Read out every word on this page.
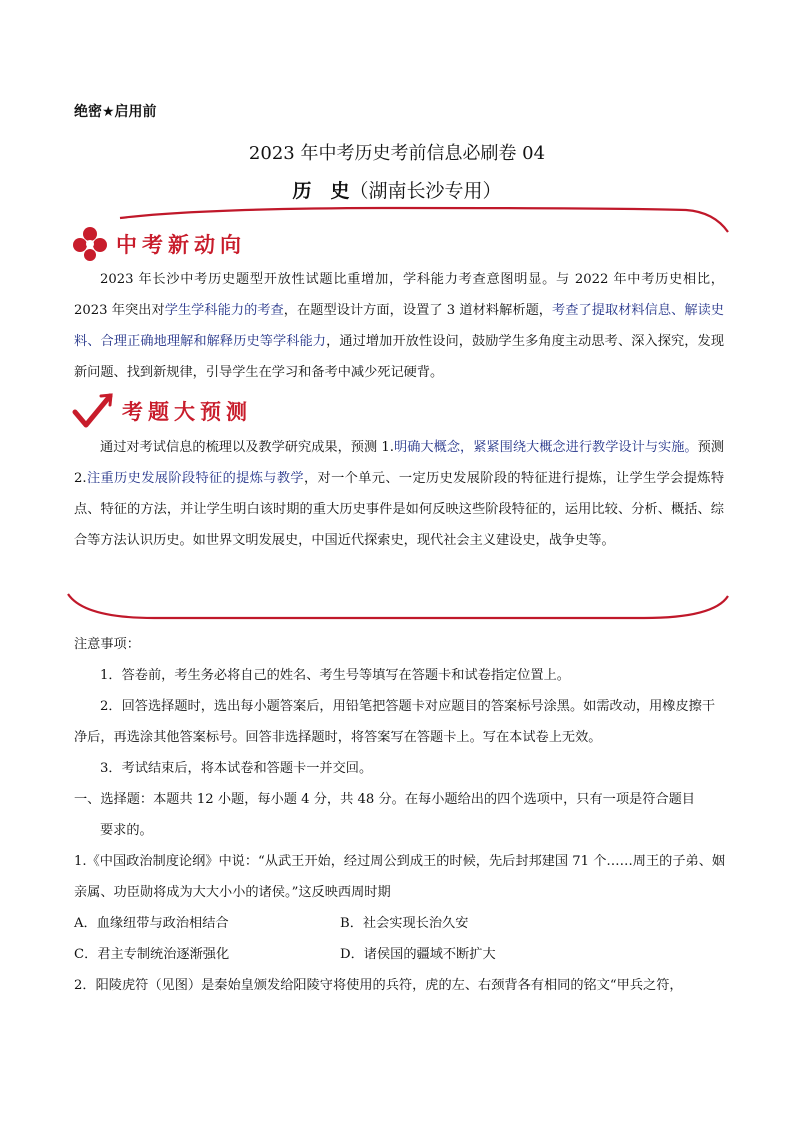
绝密★启用前
2023 年中考历史考前信息必刷卷 04
历　史（湖南长沙专用）
中考新动向

2023 年长沙中考历史题型开放性试题比重增加，学科能力考查意图明显。与 2022 年中考历史相比，2023 年突出对学生学科能力的考查，在题型设计方面，设置了 3 道材料解析题，考查了提取材料信息、解读史料、合理正确地理解和解释历史等学科能力，通过增加开放性设问，鼓励学生多角度主动思考、深入探究，发现新问题、找到新规律，引导学生在学习和备考中减少死记硬背。

考题大预测

通过对考试信息的梳理以及教学研究成果，预测 1.明确大概念，紧紧围绕大概念进行教学设计与实施。预测 2.注重历史发展阶段特征的提炼与教学，对一个单元、一定历史发展阶段的特征进行提炼，让学生学会提炼特点、特征的方法，并让学生明白该时期的重大历史事件是如何反映这些阶段特征的，运用比较、分析、概括、综合等方法认识历史。如世界文明发展史，中国近代探索史，现代社会主义建设史，战争史等。

注意事项：

1．答卷前，考生务必将自己的姓名、考生号等填写在答题卡和试卷指定位置上。

2．回答选择题时，选出每小题答案后，用铅笔把答题卡对应题目的答案标号涂黑。如需改动，用橡皮擦干净后，再选涂其他答案标号。回答非选择题时，将答案写在答题卡上。写在本试卷上无效。

3．考试结束后，将本试卷和答题卡一并交回。

一、选择题：本题共 12 小题，每小题 4 分，共 48 分。在每小题给出的四个选项中，只有一项是符合题目

要求的。

1.《中国政治制度论纲》中说：“从武王开始，经过周公到成王的时候，先后封邦建国 71 个……周王的子弟、姻亲属、功臣勋将成为大大小小的诸侯。”这反映西周时期

A．血缘纽带与政治相结合	B．社会实现长治久安
C．君主专制统治逐渐强化	D．诸侯国的疆域不断扩大

2．阳陵虎符（见图）是秦始皇颁发给阳陵守将使用的兵符，虎的左、右颈背各有相同的铭文“甲兵之符，
